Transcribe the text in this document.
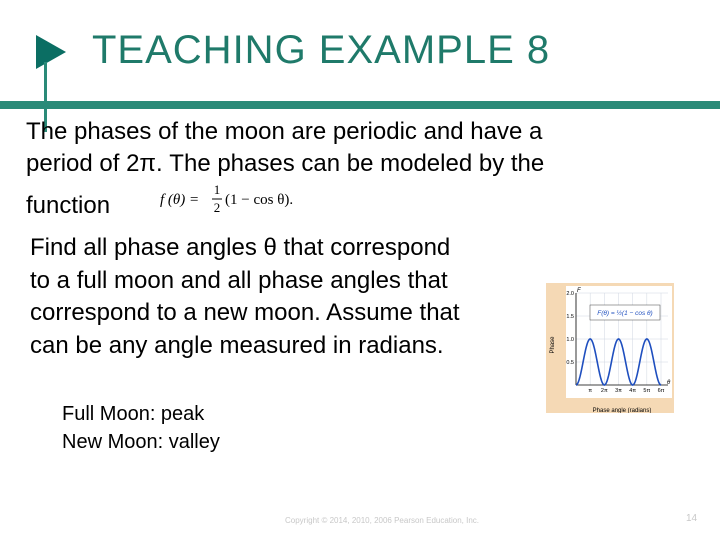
TEACHING EXAMPLE 8
The phases of the moon are periodic and have a
period of 2π. The phases can be modeled by the
function	f (θ) =
1
2 (1 − cos θ).
Find all phase angles θ that correspond
to a full moon and all phase angles that
correspond to a new moon. Assume that
can be any angle measured in radians.
Full Moon: peak
New Moon: valley
F
θ
F(θ) = ½(1 − cos θ)
Phase
Phase angle (radians)
0.5
1.0
1.5
2.0
π 2π 3π 4π 5π 6π
Copyright © 2014, 2010, 2006 Pearson Education, Inc.	14
